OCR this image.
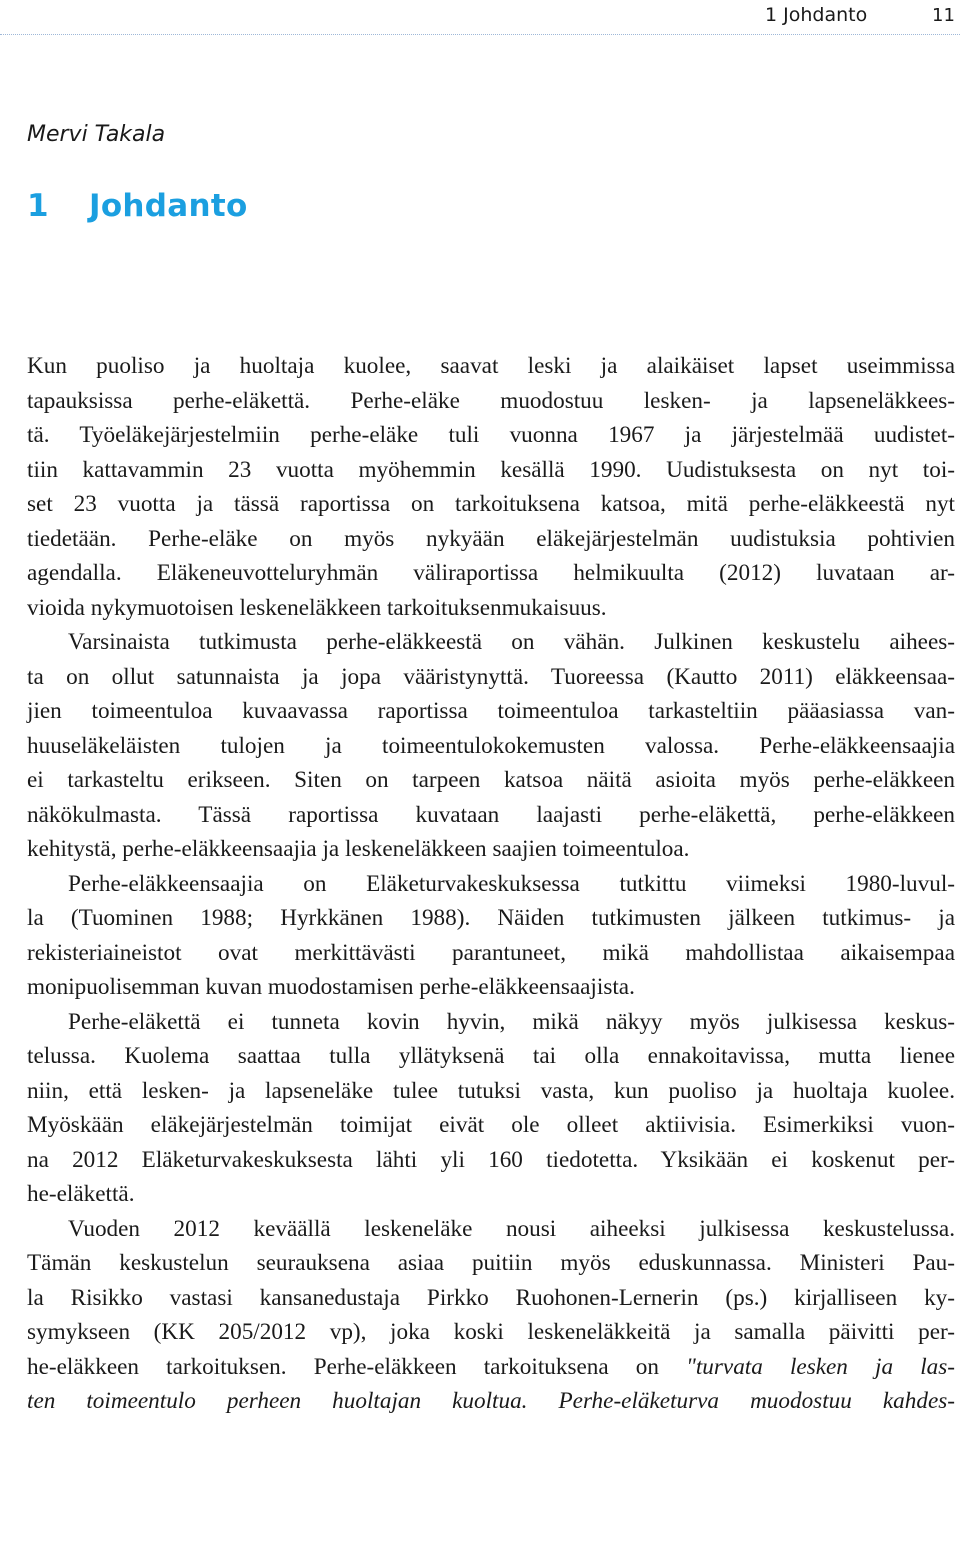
1 Johdanto	11
Mervi Takala
1 Johdanto
Kun puoliso ja huoltaja kuolee, saavat leski ja alaikäiset lapset useimmissa
tapauksissa perhe-eläkettä. Perhe-eläke muodostuu lesken- ja lapseneläkkees-
tä. Työeläkejärjestelmiin perhe-eläke tuli vuonna 1967 ja järjestelmää uudistet-
tiin kattavammin 23 vuotta myöhemmin kesällä 1990. Uudistuksesta on nyt toi-
set 23 vuotta ja tässä raportissa on tarkoituksena katsoa, mitä perhe-eläkkeestä nyt
tiedetään. Perhe-eläke on myös nykyään eläkejärjestelmän uudistuksia pohtivien
agendalla. Eläkeneuvotteluryhmän väliraportissa helmikuulta (2012) luvataan ar-
vioida nykymuotoisen leskeneläkkeen tarkoituksenmukaisuus.
Varsinaista tutkimusta perhe-eläkkeestä on vähän. Julkinen keskustelu aihees-
ta on ollut satunnaista ja jopa vääristynyttä. Tuoreessa (Kautto 2011) eläkkeensaa-
jien toimeentuloa kuvaavassa raportissa toimeentuloa tarkasteltiin pääasiassa van-
huuseläkeläisten tulojen ja toimeentulokokemusten valossa. Perhe-eläkkeensaajia
ei tarkasteltu erikseen. Siten on tarpeen katsoa näitä asioita myös perhe-eläkkeen
näkökulmasta. Tässä raportissa kuvataan laajasti perhe-eläkettä, perhe-eläkkeen
kehitystä, perhe-eläkkeensaajia ja leskeneläkkeen saajien toimeentuloa.
Perhe-eläkkeensaajia on Eläketurvakeskuksessa tutkittu viimeksi 1980-luvul-
la (Tuominen 1988; Hyrkkänen 1988). Näiden tutkimusten jälkeen tutkimus- ja
rekisteriaineistot ovat merkittävästi parantuneet, mikä mahdollistaa aikaisempaa
monipuolisemman kuvan muodostamisen perhe-eläkkeensaajista.
Perhe-eläkettä ei tunneta kovin hyvin, mikä näkyy myös julkisessa keskus-
telussa. Kuolema saattaa tulla yllätyksenä tai olla ennakoitavissa, mutta lienee
niin, että lesken- ja lapseneläke tulee tutuksi vasta, kun puoliso ja huoltaja kuolee.
Myöskään eläkejärjestelmän toimijat eivät ole olleet aktiivisia. Esimerkiksi vuon-
na 2012 Eläketurvakeskuksesta lähti yli 160 tiedotetta. Yksikään ei koskenut per-
he-eläkettä.
Vuoden 2012 keväällä leskeneläke nousi aiheeksi julkisessa keskustelussa.
Tämän keskustelun seurauksena asiaa puitiin myös eduskunnassa. Ministeri Pau-
la Risikko vastasi kansanedustaja Pirkko Ruohonen-Lernerin (ps.) kirjalliseen ky-
symykseen (KK 205/2012 vp), joka koski leskeneläkkeitä ja samalla päivitti per-
he-eläkkeen tarkoituksen. Perhe-eläkkeen tarkoituksena on "turvata lesken ja las-
ten toimeentulo perheen huoltajan kuoltua. Perhe-eläketurva muodostuu kahdes-
